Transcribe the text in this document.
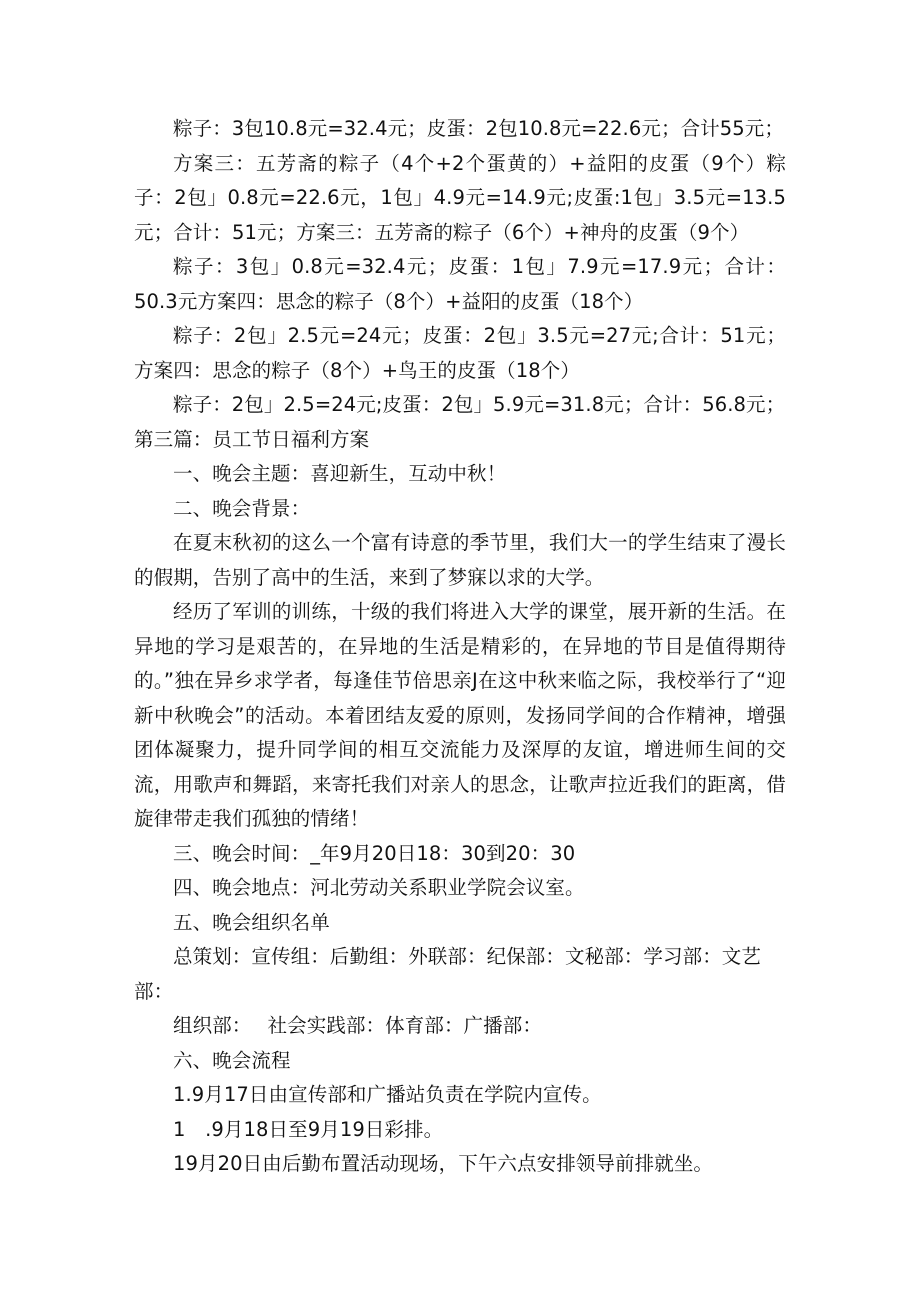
粽子：3包10.8元=32.4元；皮蛋：2包10.8元=22.6元；合计55元；

方案三：五芳斋的粽子（4个+2个蛋黄的）+益阳的皮蛋（9个）粽子：2包」0.8元=22.6元，1包」4.9元=14.9元;皮蛋:1包」3.5元=13.5元；合计：51元；方案三：五芳斋的粽子（6个）+神舟的皮蛋（9个）

粽子：3包」0.8元=32.4元；皮蛋：1包」7.9元=17.9元；合计：50.3元方案四：思念的粽子（8个）+益阳的皮蛋（18个）

粽子：2包」2.5元=24元；皮蛋：2包」3.5元=27元;合计：51元；方案四：思念的粽子（8个）+鸟王的皮蛋（18个）

粽子：2包」2.5=24元;皮蛋：2包」5.9元=31.8元；合计：56.8元；

第三篇：员工节日福利方案

一、晚会主题：喜迎新生，互动中秋！

二、晚会背景：

在夏末秋初的这么一个富有诗意的季节里，我们大一的学生结束了漫长的假期，告别了高中的生活，来到了梦寐以求的大学。

经历了军训的训练，十级的我们将进入大学的课堂，展开新的生活。在异地的学习是艰苦的，在异地的生活是精彩的，在异地的节目是值得期待的。”独在异乡求学者，每逢佳节倍思亲J在这中秋来临之际，我校举行了“迎新中秋晚会”的活动。本着团结友爱的原则，发扬同学间的合作精神，增强团体凝聚力，提升同学间的相互交流能力及深厚的友谊，增进师生间的交流，用歌声和舞蹈，来寄托我们对亲人的思念，让歌声拉近我们的距离，借旋律带走我们孤独的情绪！

三、晚会时间：_年9月20日18：30到20：30

四、晚会地点：河北劳动关系职业学院会议室。

五、晚会组织名单

总策划：宣传组：后勤组：外联部：纪保部：文秘部：学习部：文艺部：

组织部：　 社会实践部：体育部：广播部：

六、晚会流程

1.9月17日由宣传部和广播站负责在学院内宣传。

1　.9月18日至9月19日彩排。

19月20日由后勤布置活动现场，下午六点安排领导前排就坐。
